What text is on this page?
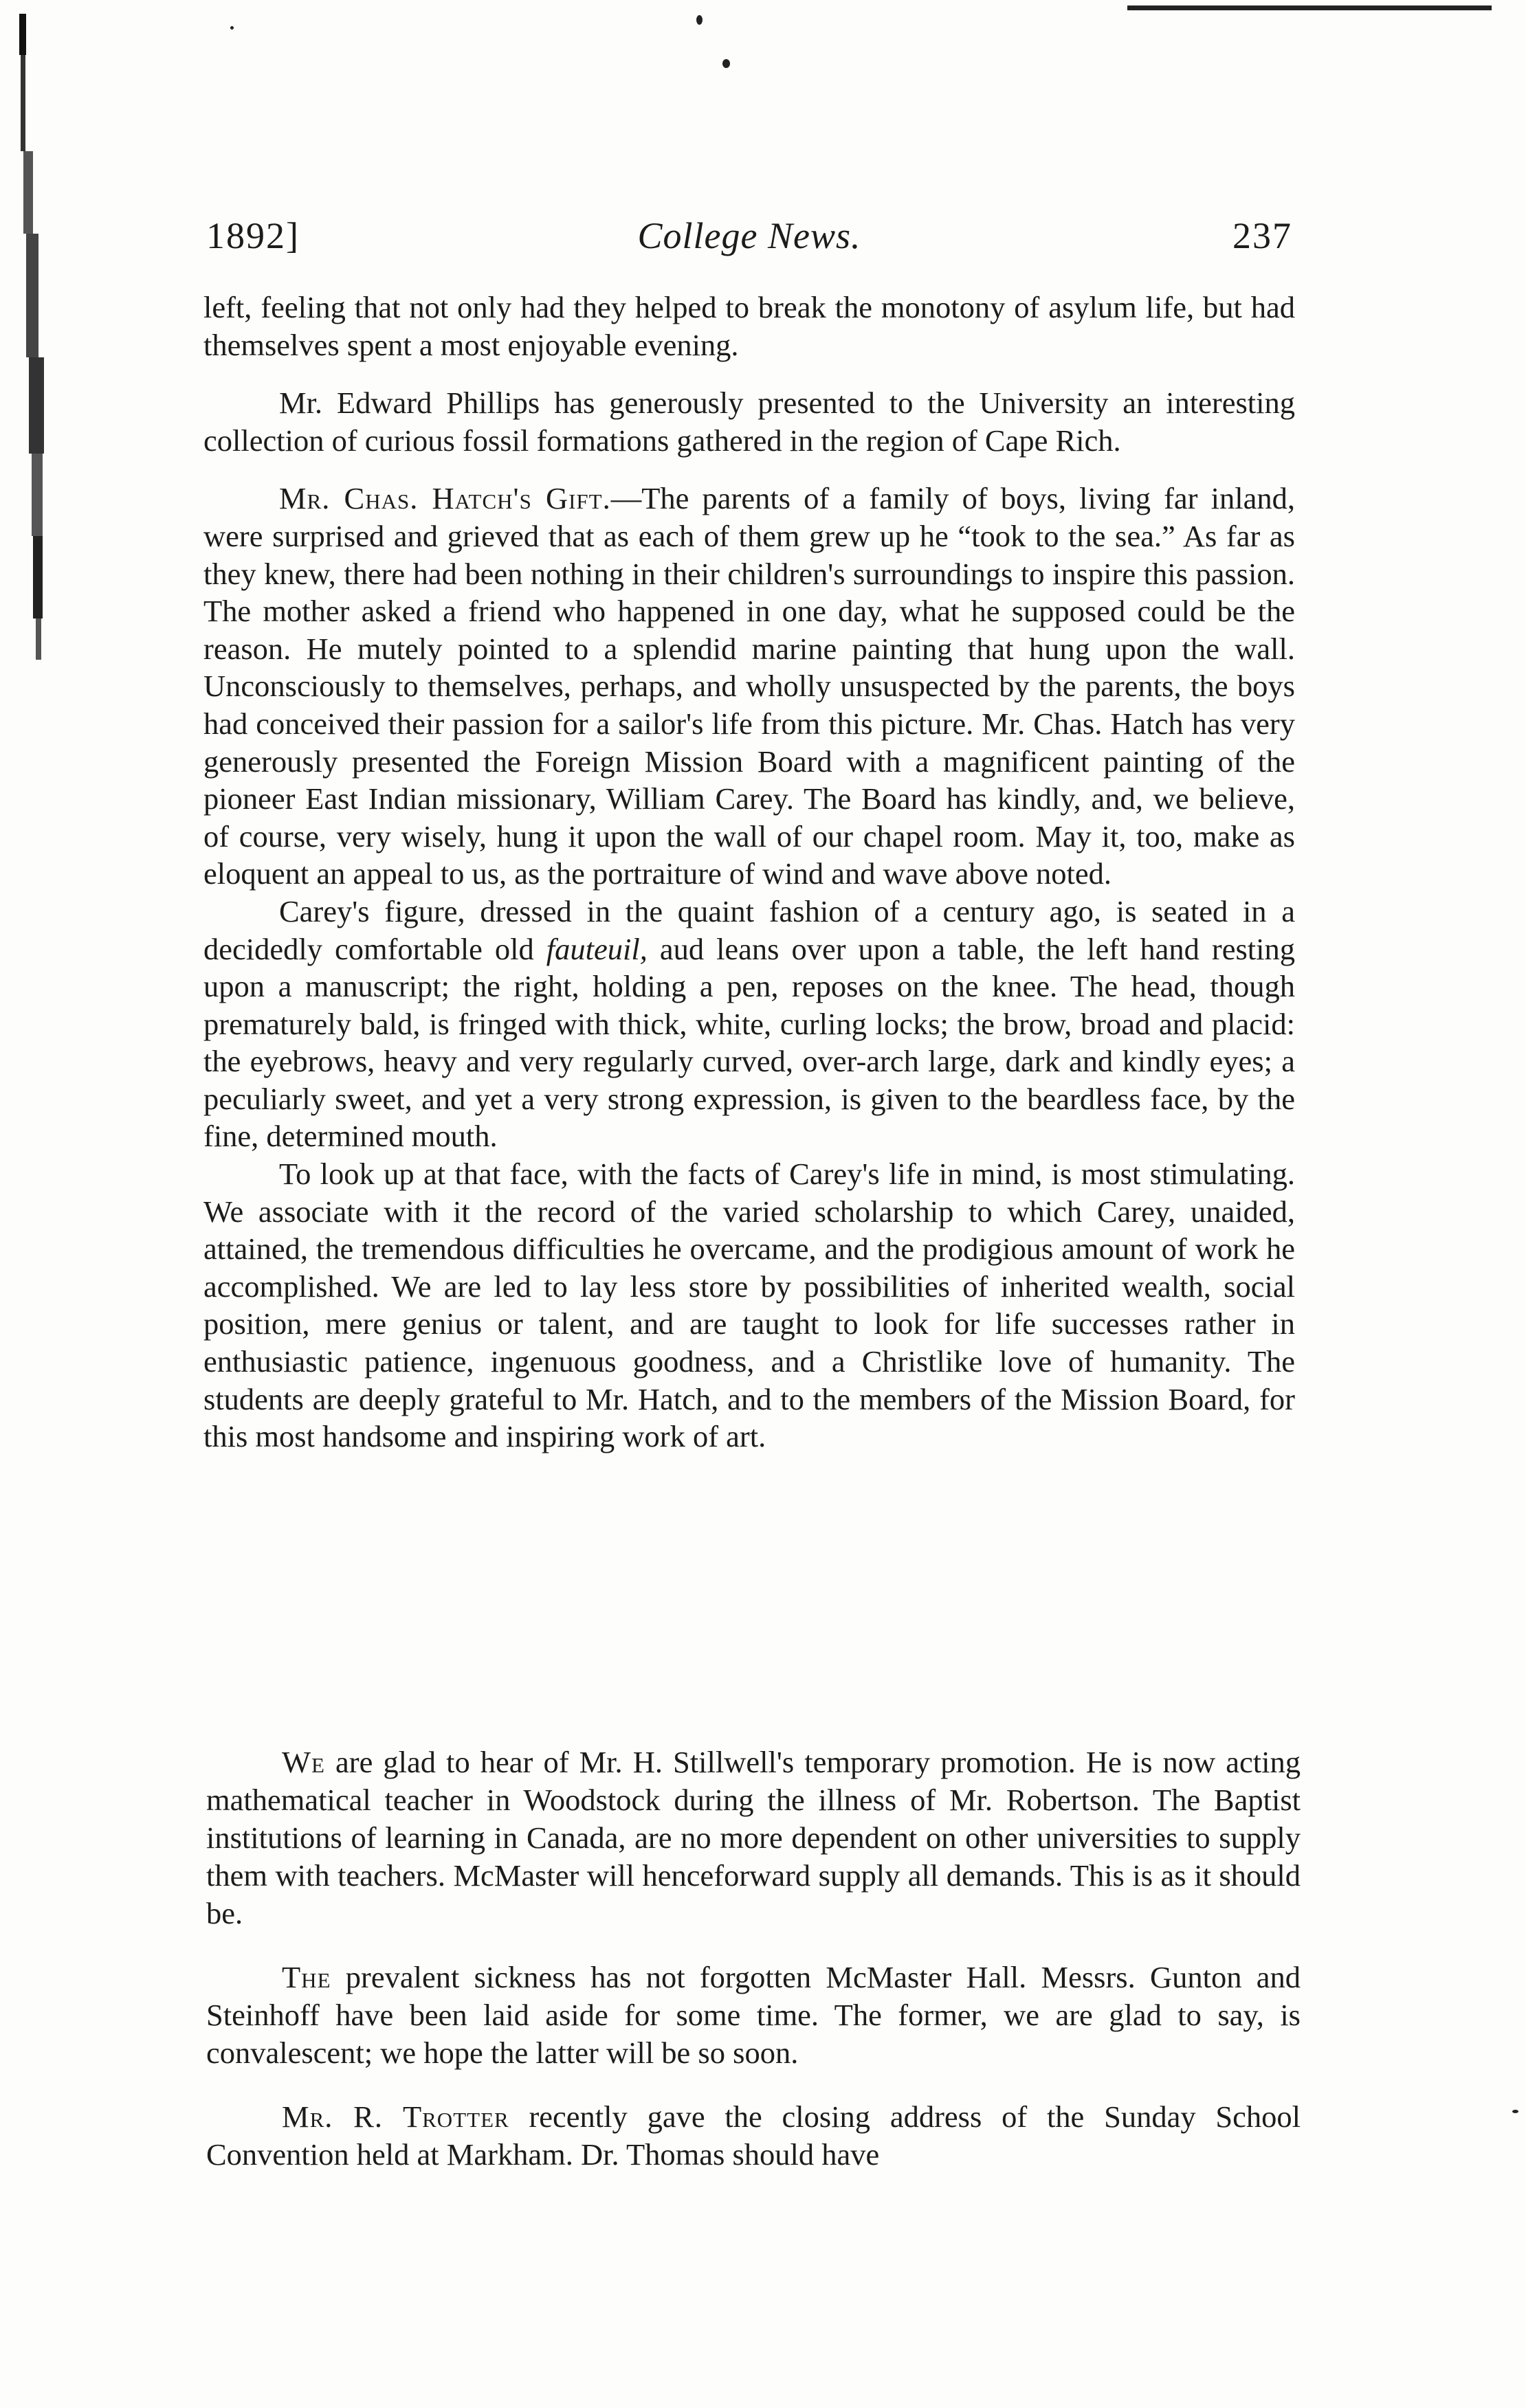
1892]	College News.	237

left, feeling that not only had they helped to break the monotony of asylum life, but had themselves spent a most enjoyable evening.

Mr. Edward Phillips has generously presented to the University an interesting collection of curious fossil formations gathered in the region of Cape Rich.

Mr. Chas. Hatch's Gift.—The parents of a family of boys, living far inland, were surprised and grieved that as each of them grew up he “took to the sea.” As far as they knew, there had been nothing in their children's surroundings to inspire this passion. The mother asked a friend who happened in one day, what he supposed could be the reason. He mutely pointed to a splendid marine painting that hung upon the wall. Unconsciously to themselves, perhaps, and wholly unsuspected by the parents, the boys had conceived their passion for a sailor's life from this picture. Mr. Chas. Hatch has very generously presented the Foreign Mission Board with a magnificent painting of the pioneer East Indian missionary, William Carey. The Board has kindly, and, we believe, of course, very wisely, hung it upon the wall of our chapel room. May it, too, make as eloquent an appeal to us, as the portraiture of wind and wave above noted.

Carey's figure, dressed in the quaint fashion of a century ago, is seated in a decidedly comfortable old fauteuil, aud leans over upon a table, the left hand resting upon a manuscript; the right, holding a pen, reposes on the knee. The head, though prematurely bald, is fringed with thick, white, curling locks; the brow, broad and placid: the eyebrows, heavy and very regularly curved, over-arch large, dark and kindly eyes; a peculiarly sweet, and yet a very strong expression, is given to the beardless face, by the fine, determined mouth.

To look up at that face, with the facts of Carey's life in mind, is most stimulating. We associate with it the record of the varied scholarship to which Carey, unaided, attained, the tremendous difficulties he overcame, and the prodigious amount of work he accomplished. We are led to lay less store by possibilities of inherited wealth, social position, mere genius or talent, and are taught to look for life successes rather in enthusiastic patience, ingenuous goodness, and a Christlike love of humanity. The students are deeply grateful to Mr. Hatch, and to the members of the Mission Board, for this most handsome and inspiring work of art.

We are glad to hear of Mr. H. Stillwell's temporary promotion. He is now acting mathematical teacher in Woodstock during the illness of Mr. Robertson. The Baptist institutions of learning in Canada, are no more dependent on other universities to supply them with teachers. McMaster will henceforward supply all demands. This is as it should be.

The prevalent sickness has not forgotten McMaster Hall. Messrs. Gunton and Steinhoff have been laid aside for some time. The former, we are glad to say, is convalescent; we hope the latter will be so soon.

Mr. R. Trotter recently gave the closing address of the Sunday School Convention held at Markham. Dr. Thomas should have
